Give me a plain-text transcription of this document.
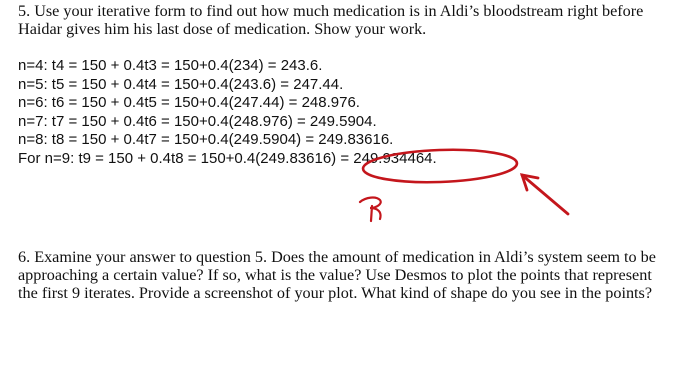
5. Use your iterative form to find out how much medication is in Aldi’s bloodstream right before Haidar gives him his last dose of medication. Show your work.

n=4: t4 = 150 + 0.4t3 = 150+0.4(234) = 243.6.
n=5: t5 = 150 + 0.4t4 = 150+0.4(243.6) = 247.44.
n=6: t6 = 150 + 0.4t5 = 150+0.4(247.44) = 248.976.
n=7: t7 = 150 + 0.4t6 = 150+0.4(248.976) = 249.5904.
n=8: t8 = 150 + 0.4t7 = 150+0.4(249.5904) = 249.83616.
For n=9: t9 = 150 + 0.4t8 = 150+0.4(249.83616) = 249.934464.

6. Examine your answer to question 5. Does the amount of medication in Aldi’s system seem to be approaching a certain value? If so, what is the value? Use Desmos to plot the points that represent the first 9 iterates. Provide a screenshot of your plot. What kind of shape do you see in the points?
